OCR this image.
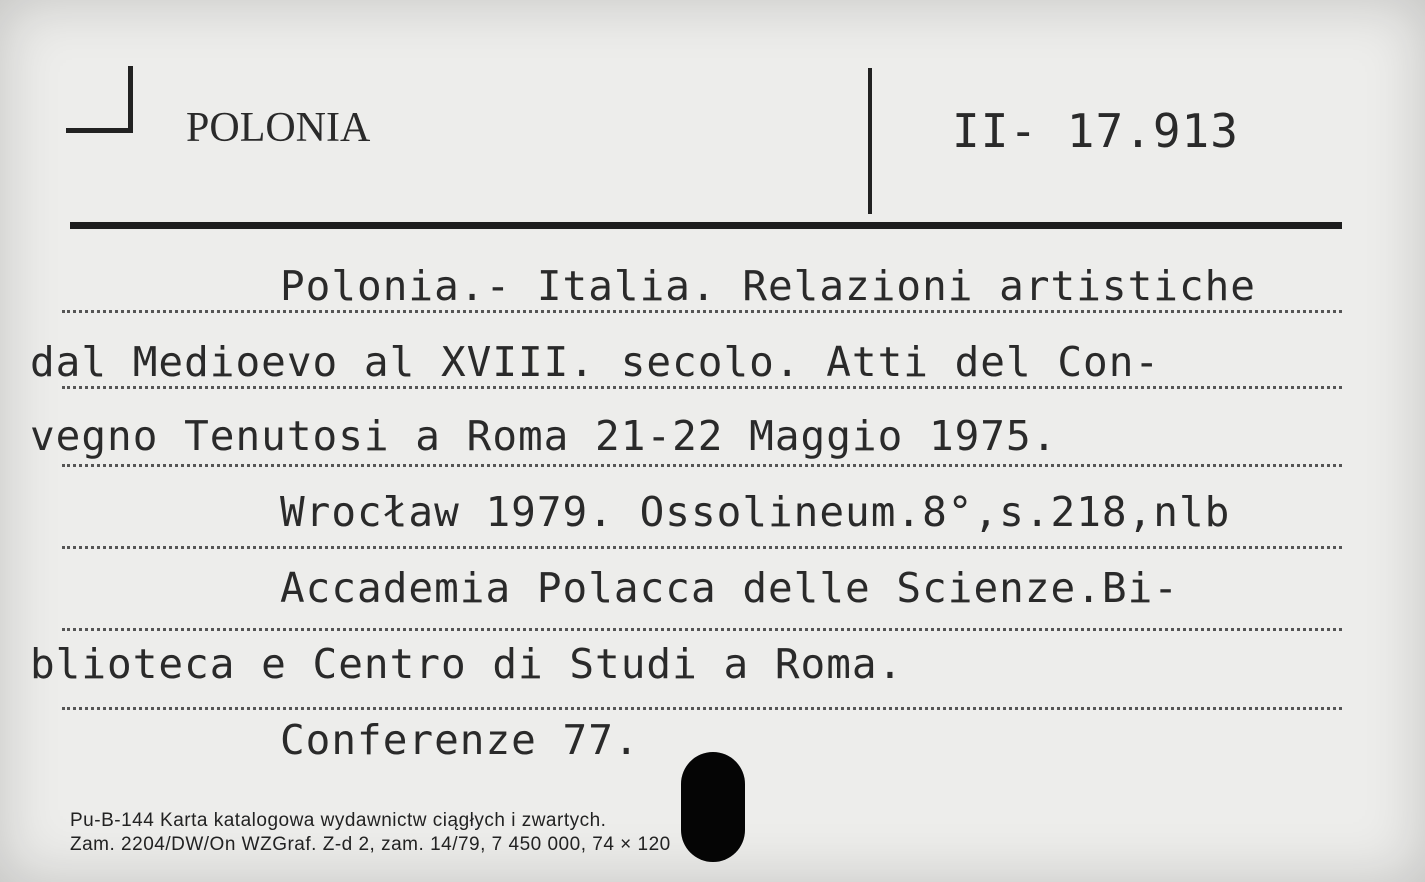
POLONIA	II- 17.913
Polonia.- Italia. Relazioni artistiche
dal Medioevo al XVIII. secolo. Atti del Con-
vegno Tenutosi a Roma 21-22 Maggio 1975.
Wrocław 1979. Ossolineum.8°,s.218,nlb
Accademia Polacca delle Scienze.Bi-
blioteca e Centro di Studi a Roma.
Conferenze 77.
Pu-B-144 Karta katalogowa wydawnictw ciągłych i zwartych.
Zam. 2204/DW/On WZGraf. Z-d 2, zam. 14/79, 7 450 000, 74 × 120
